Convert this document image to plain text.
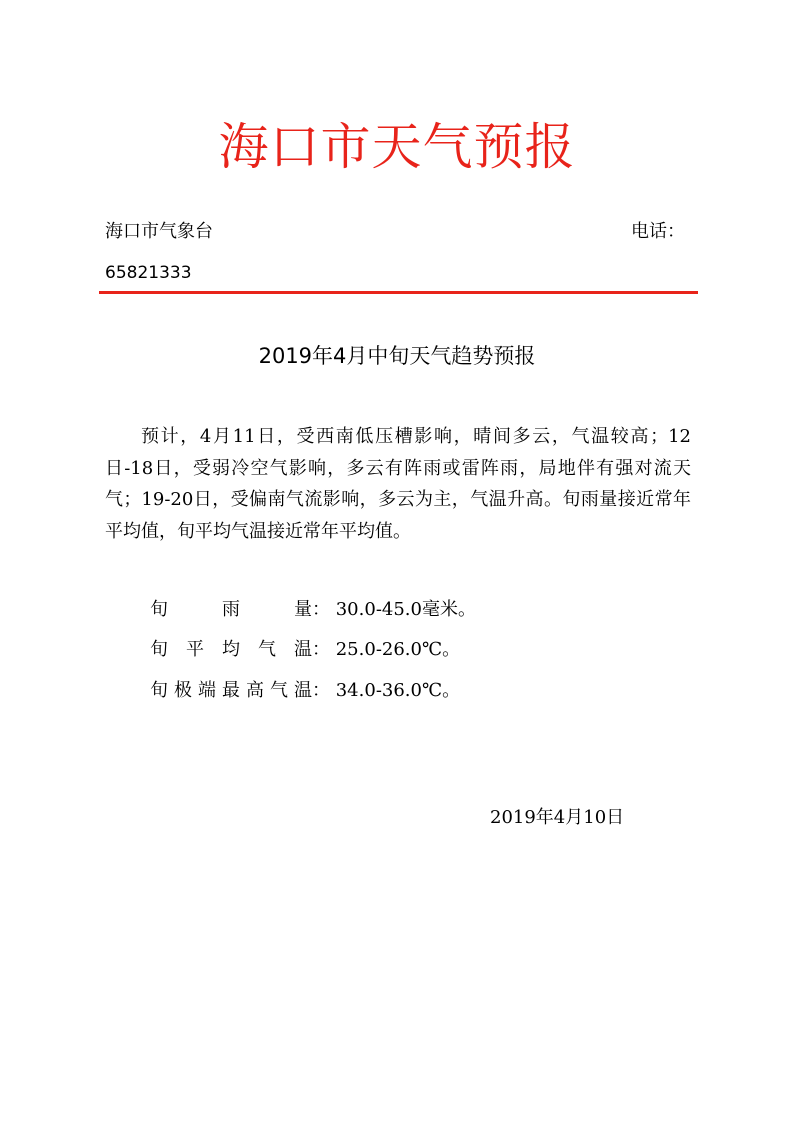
海口市天气预报
海口市气象台	电话：
65821333
2019年4月中旬天气趋势预报

预计，4月11日，受西南低压槽影响，晴间多云，气温较高；12日-18日，受弱冷空气影响，多云有阵雨或雷阵雨，局地伴有强对流天气；19-20日，受偏南气流影响，多云为主，气温升高。旬雨量接近常年平均值，旬平均气温接近常年平均值。

旬雨量： 30.0-45.0毫米。
旬平均气温： 25.0-26.0℃。
旬极端最高气温： 34.0-36.0℃。
2019年4月10日
